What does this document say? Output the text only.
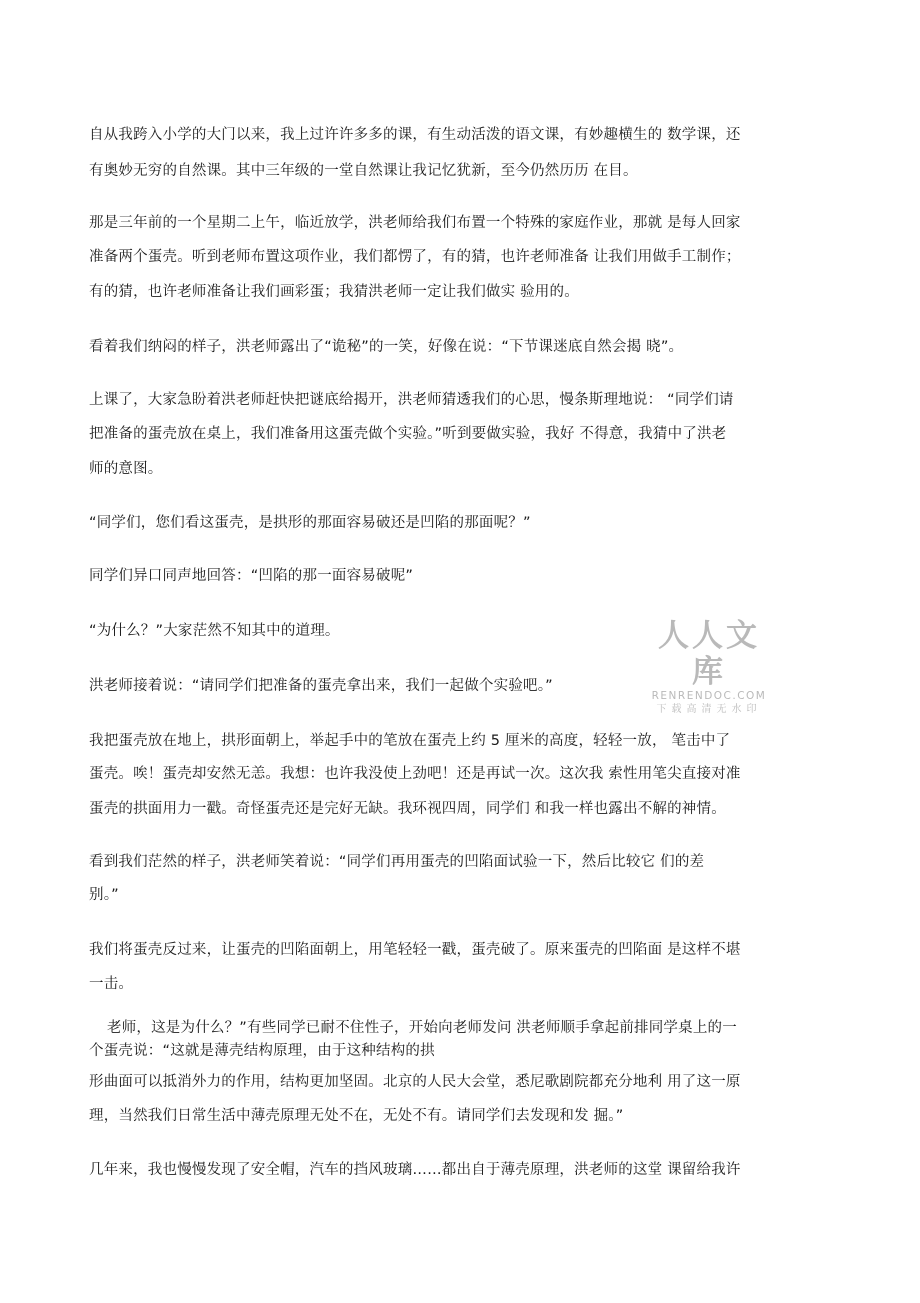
自从我跨入小学的大门以来，我上过许许多多的课，有生动活泼的语文课，有妙趣横生的 数学课，还
有奥妙无穷的自然课。其中三年级的一堂自然课让我记忆犹新，至今仍然历历 在目。
那是三年前的一个星期二上午，临近放学，洪老师给我们布置一个特殊的家庭作业，那就 是每人回家
准备两个蛋壳。听到老师布置这项作业，我们都愣了，有的猜，也许老师准备 让我们用做手工制作；
有的猜，也许老师准备让我们画彩蛋；我猜洪老师一定让我们做实 验用的。
看着我们纳闷的样子，洪老师露出了“诡秘”的一笑，好像在说：“下节课迷底自然会揭 晓”。
上课了，大家急盼着洪老师赶快把谜底给揭开，洪老师猜透我们的心思，慢条斯理地说： “同学们请
把准备的蛋壳放在桌上，我们准备用这蛋壳做个实验。”听到要做实验，我好 不得意，我猜中了洪老
师的意图。
“同学们，您们看这蛋壳，是拱形的那面容易破还是凹陷的那面呢？”
同学们异口同声地回答：“凹陷的那一面容易破呢”
“为什么？”大家茫然不知其中的道理。
洪老师接着说：“请同学们把准备的蛋壳拿出来，我们一起做个实验吧。”
我把蛋壳放在地上，拱形面朝上，举起手中的笔放在蛋壳上约 5 厘米的高度，轻轻一放， 笔击中了
蛋壳。唉！蛋壳却安然无恙。我想：也许我没使上劲吧！还是再试一次。这次我 索性用笔尖直接对准
蛋壳的拱面用力一戳。奇怪蛋壳还是完好无缺。我环视四周，同学们 和我一样也露出不解的神情。
看到我们茫然的样子，洪老师笑着说：“同学们再用蛋壳的凹陷面试验一下，然后比较它 们的差
别。”
我们将蛋壳反过来，让蛋壳的凹陷面朝上，用笔轻轻一戳，蛋壳破了。原来蛋壳的凹陷面 是这样不堪
一击。
老师，这是为什么？”有些同学已耐不住性子，开始向老师发问 洪老师顺手拿起前排同学桌上的一
个蛋壳说：“这就是薄壳结构原理，由于这种结构的拱
形曲面可以抵消外力的作用，结构更加坚固。北京的人民大会堂，悉尼歌剧院都充分地利 用了这一原
理，当然我们日常生活中薄壳原理无处不在，无处不有。请同学们去发现和发 掘。”
几年来，我也慢慢发现了安全帽，汽车的挡风玻璃……都出自于薄壳原理，洪老师的这堂 课留给我许
人人文库
RENRENDOC.COM
下载高清无水印
